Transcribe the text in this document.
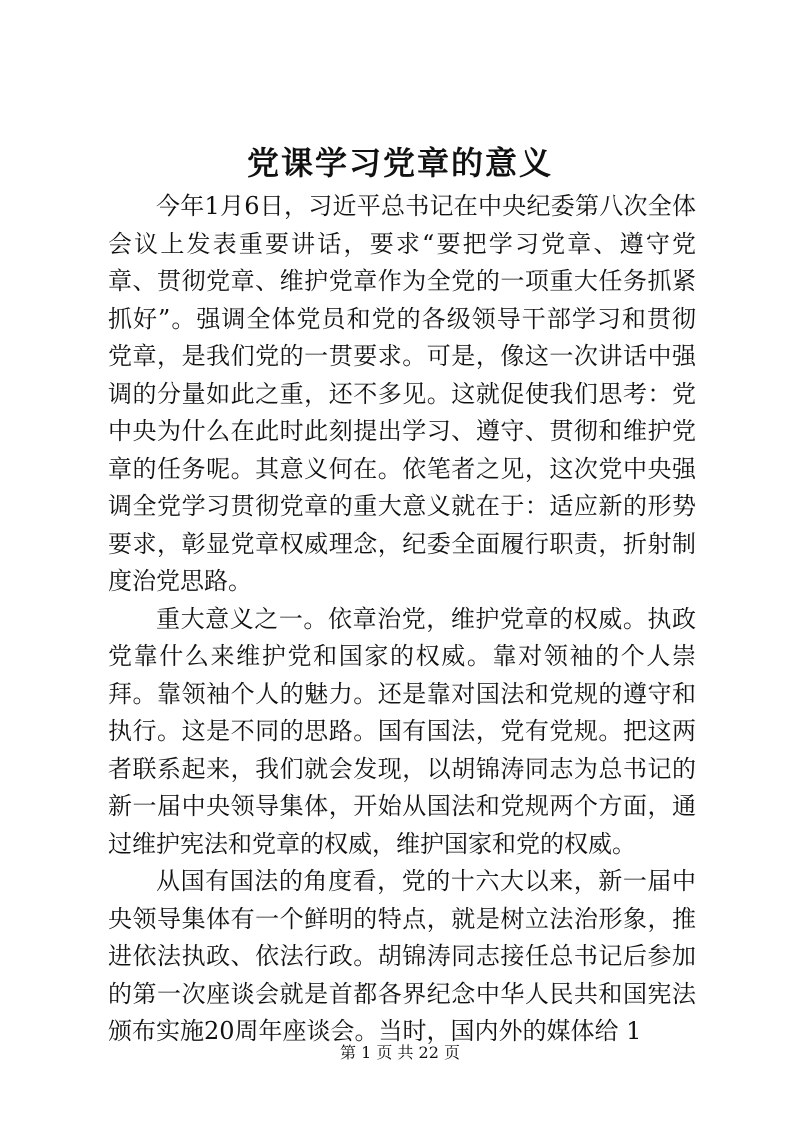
党课学习党章的意义

今年1月6日，习近平总书记在中央纪委第八次全体会议上发表重要讲话，要求“要把学习党章、遵守党章、贯彻党章、维护党章作为全党的一项重大任务抓紧抓好”。强调全体党员和党的各级领导干部学习和贯彻党章，是我们党的一贯要求。可是，像这一次讲话中强调的分量如此之重，还不多见。这就促使我们思考：党中央为什么在此时此刻提出学习、遵守、贯彻和维护党章的任务呢。其意义何在。依笔者之见，这次党中央强调全党学习贯彻党章的重大意义就在于：适应新的形势要求，彰显党章权威理念，纪委全面履行职责，折射制度治党思路。

重大意义之一。依章治党，维护党章的权威。执政党靠什么来维护党和国家的权威。靠对领袖的个人崇拜。靠领袖个人的魅力。还是靠对国法和党规的遵守和执行。这是不同的思路。国有国法，党有党规。把这两者联系起来，我们就会发现，以胡锦涛同志为总书记的新一届中央领导集体，开始从国法和党规两个方面，通过维护宪法和党章的权威，维护国家和党的权威。

从国有国法的角度看，党的十六大以来，新一届中央领导集体有一个鲜明的特点，就是树立法治形象，推进依法执政、依法行政。胡锦涛同志接任总书记后参加的第一次座谈会就是首都各界纪念中华人民共和国宪法颁布实施20周年座谈会。当时，国内外的媒体给 1

第 1 页 共 22 页
